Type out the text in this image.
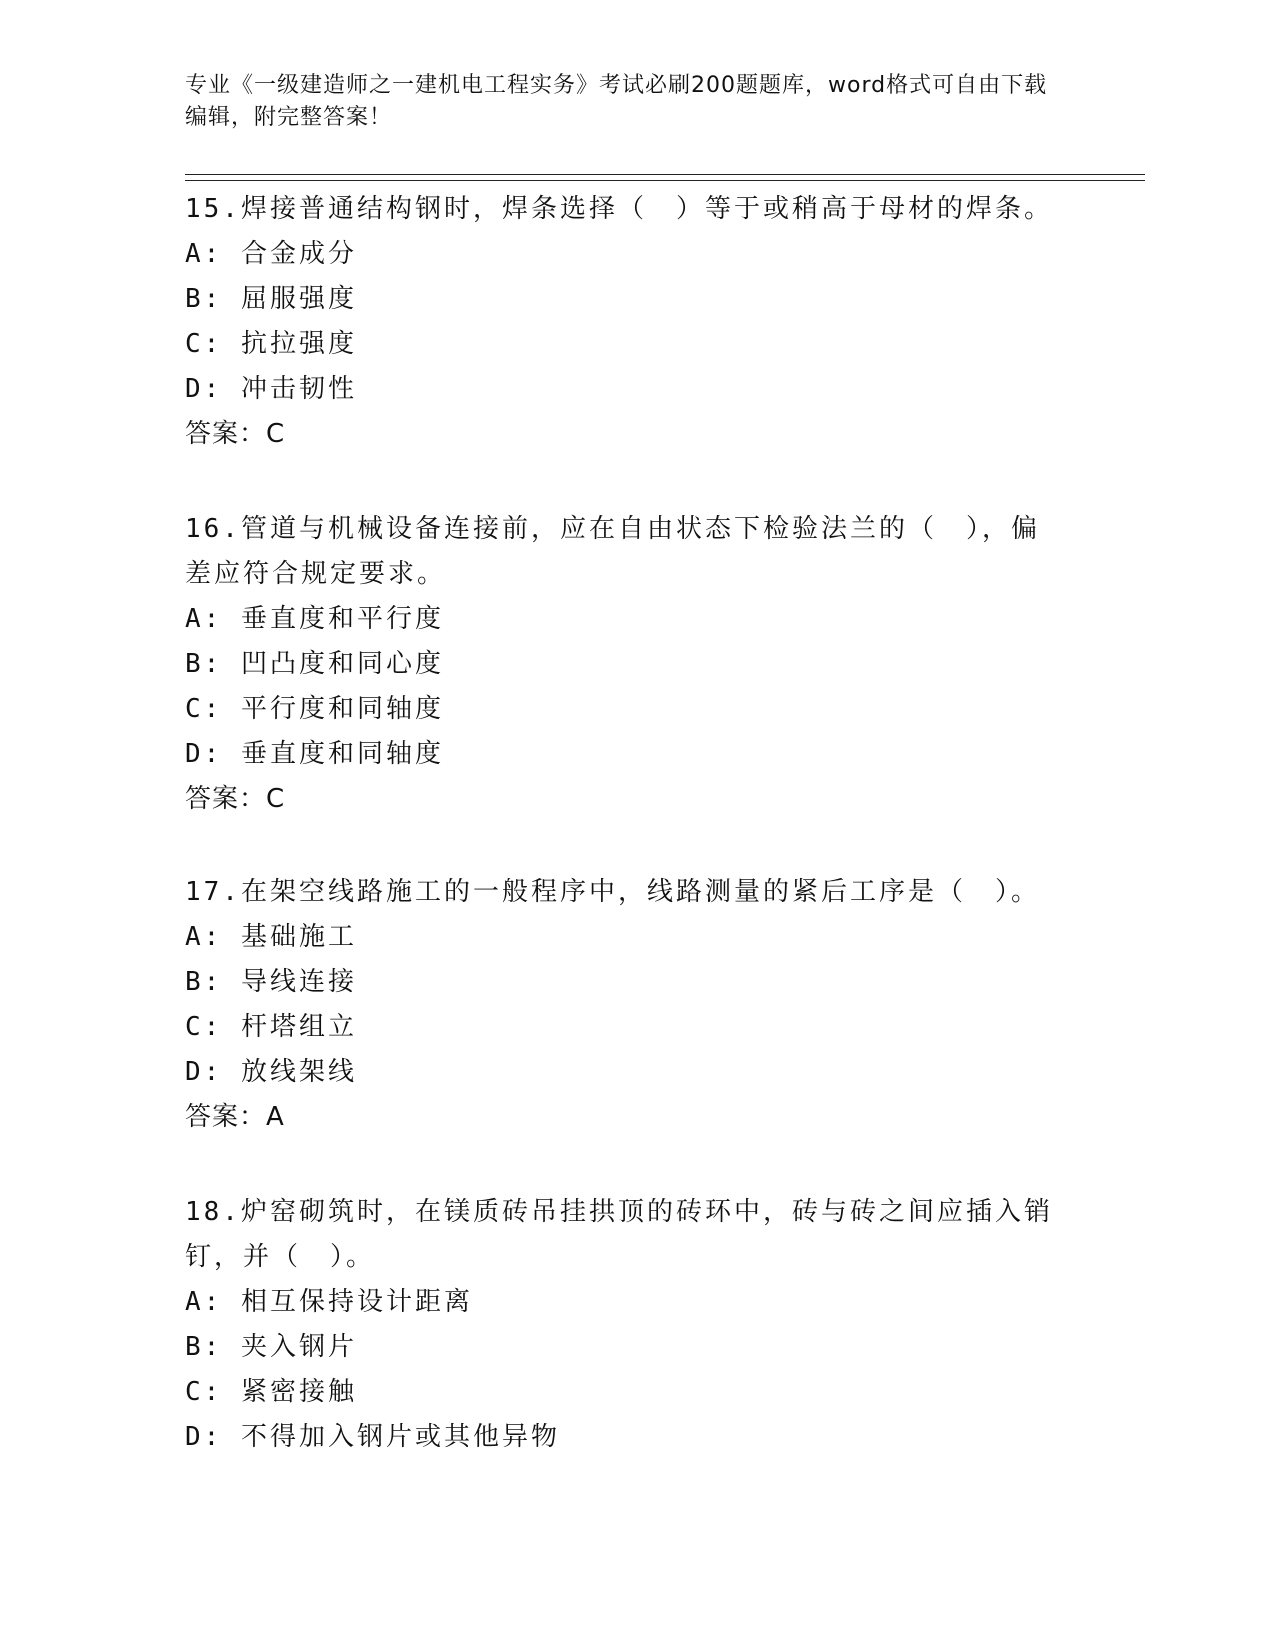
专业《一级建造师之一建机电工程实务》考试必刷200题题库，word格式可自由下载编辑，附完整答案！
15.焊接普通结构钢时，焊条选择（　）等于或稍高于母材的焊条。
A: 合金成分
B: 屈服强度
C: 抗拉强度
D: 冲击韧性
答案：C
16.管道与机械设备连接前，应在自由状态下检验法兰的（　），偏差应符合规定要求。
A: 垂直度和平行度
B: 凹凸度和同心度
C: 平行度和同轴度
D: 垂直度和同轴度
答案：C
17.在架空线路施工的一般程序中，线路测量的紧后工序是（　）。
A: 基础施工
B: 导线连接
C: 杆塔组立
D: 放线架线
答案：A
18.炉窑砌筑时，在镁质砖吊挂拱顶的砖环中，砖与砖之间应插入销钉，并（　）。
A: 相互保持设计距离
B: 夹入钢片
C: 紧密接触
D: 不得加入钢片或其他异物
